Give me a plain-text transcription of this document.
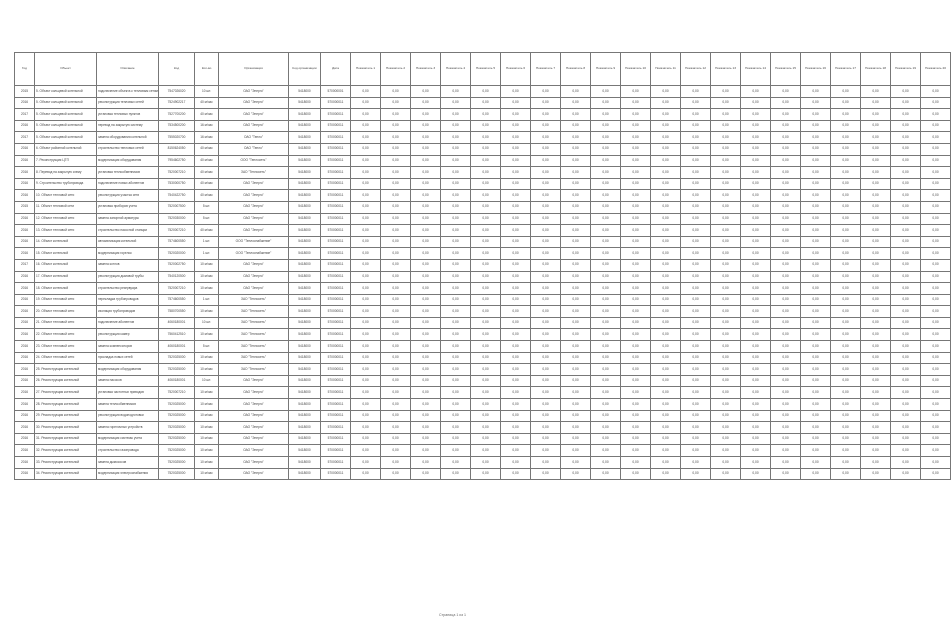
Год	Объект	Описание	Код	Кол-во	Организация	Код организации	Дата	Показатель 1	Показатель 2	Показатель 3	Показатель 4	Показатель 5	Показатель 6	Показатель 7	Показатель 8	Показатель 9	Показатель 10	Показатель 11	Показатель 12	Показатель 13	Показатель 14	Показатель 15	Показатель 16	Показатель 17	Показатель 18	Показатель 19	Показатель 20
2015	5. Объект кольцевой котельной	подключение объекта к тепловым сетям	7547026020	10 шт.	ОАО "Энерго"	5418000	570000001	0,00	0,00	0,00	0,00	0,00	0,00	0,00	0,00	0,00	0,00	0,00	0,00	0,00	0,00	0,00	0,00	0,00	0,00	0,00	0,00
2016	5. Объект кольцевой котельной	реконструкция тепловых сетей	7524902217	40 м/час	ОАО "Энерго"	5418000	570000011	0,00	0,00	0,00	0,00	0,00	0,00	0,00	0,00	0,00	0,00	0,00	0,00	0,00	0,00	0,00	0,00	0,00	0,00	0,00	0,00
2017	5. Объект кольцевой котельной	установка тепловых пунктов	7527700200	40 м/час	ОАО "Энерго"	5418000	570000011	0,00	0,00	0,00	0,00	0,00	0,00	0,00	0,00	0,00	0,00	0,00	0,00	0,00	0,00	0,00	0,00	0,00	0,00	0,00	0,00
2016	5. Объект кольцевой котельной	перевод на закрытую систему	7534500200	16 м/час	ОАО "Энерго"	5418000	570000011	0,00	0,00	0,00	0,00	0,00	0,00	0,00	0,00	0,00	0,00	0,00	0,00	0,00	0,00	0,00	0,00	0,00	0,00	0,00	0,00
2017	5. Объект кольцевой котельной	замена оборудования котельной	7555020700	16 м/час	ОАО "Тепло"	5418000	570000011	0,00	0,00	0,00	0,00	0,00	0,00	0,00	0,00	0,00	0,00	0,00	0,00	0,00	0,00	0,00	0,00	0,00	0,00	0,00	0,00
2016	6. Объект районной котельной	строительство тепловых сетей	8150624050	40 м/час	ОАО "Тепло"	5418000	570000011	0,00	0,00	0,00	0,00	0,00	0,00	0,00	0,00	0,00	0,00	0,00	0,00	0,00	0,00	0,00	0,00	0,00	0,00	0,00	0,00
2016	7. Реконструкция ЦТП	модернизация оборудования	7954602750	40 м/час	ООО "Теплосеть"	5418000	570000011	0,00	0,00	0,00	0,00	0,00	0,00	0,00	0,00	0,00	0,00	0,00	0,00	0,00	0,00	0,00	0,00	0,00	0,00	0,00	0,00
2016	8. Перевод на закрытую схему	установка теплообменников	7520007210	40 м/час	ЗАО "Теплосеть"	5418000	570000011	0,00	0,00	0,00	0,00	0,00	0,00	0,00	0,00	0,00	0,00	0,00	0,00	0,00	0,00	0,00	0,00	0,00	0,00	0,00	0,00
2016	9. Строительство трубопровода	подключение новых абонентов	7530000750	40 м/час	ОАО "Энерго"	5418000	570000011	0,00	0,00	0,00	0,00	0,00	0,00	0,00	0,00	0,00	0,00	0,00	0,00	0,00	0,00	0,00	0,00	0,00	0,00	0,00	0,00
2016	10. Объект тепловой сети	реконструкция участка сети	7540422750	40 м/час	ОАО "Энерго"	5418000	570000011	0,00	0,00	0,00	0,00	0,00	0,00	0,00	0,00	0,00	0,00	0,00	0,00	0,00	0,00	0,00	0,00	0,00	0,00	0,00	0,00
2015	11. Объект тепловой сети	установка приборов учета	7520007500	5 шт.	ОАО "Энерго"	5418000	570000011	0,00	0,00	0,00	0,00	0,00	0,00	0,00	0,00	0,00	0,00	0,00	0,00	0,00	0,00	0,00	0,00	0,00	0,00	0,00	0,00
2016	12. Объект тепловой сети	замена запорной арматуры	7520030000	5 шт.	ОАО "Энерго"	5418000	570000011	0,00	0,00	0,00	0,00	0,00	0,00	0,00	0,00	0,00	0,00	0,00	0,00	0,00	0,00	0,00	0,00	0,00	0,00	0,00	0,00
2016	13. Объект тепловой сети	строительство насосной станции	7520007210	40 м/час	ОАО "Энерго"	5418000	570000011	0,00	0,00	0,00	0,00	0,00	0,00	0,00	0,00	0,00	0,00	0,00	0,00	0,00	0,00	0,00	0,00	0,00	0,00	0,00	0,00
2016	14. Объект котельной	автоматизация котельной	7574600550	1 шт.	ООО "Теплоснабжение"	5418000	570000011	0,00	0,00	0,00	0,00	0,00	0,00	0,00	0,00	0,00	0,00	0,00	0,00	0,00	0,00	0,00	0,00	0,00	0,00	0,00	0,00
2016	15. Объект котельной	модернизация горелок	7520020000	1 шт.	ООО "Теплоснабжение"	5418000	570000011	0,00	0,00	0,00	0,00	0,00	0,00	0,00	0,00	0,00	0,00	0,00	0,00	0,00	0,00	0,00	0,00	0,00	0,00	0,00	0,00
2017	16. Объект котельной	замена котлов	7520002750	10 м/час	ОАО "Энерго"	5418000	570000011	0,00	0,00	0,00	0,00	0,00	0,00	0,00	0,00	0,00	0,00	0,00	0,00	0,00	0,00	0,00	0,00	0,00	0,00	0,00	0,00
2016	17. Объект котельной	реконструкция дымовой трубы	7540120500	10 м/час	ОАО "Энерго"	5418000	570000011	0,00	0,00	0,00	0,00	0,00	0,00	0,00	0,00	0,00	0,00	0,00	0,00	0,00	0,00	0,00	0,00	0,00	0,00	0,00	0,00
2016	18. Объект котельной	строительство резервуара	7520007210	10 м/час	ОАО "Энерго"	5418000	570000011	0,00	0,00	0,00	0,00	0,00	0,00	0,00	0,00	0,00	0,00	0,00	0,00	0,00	0,00	0,00	0,00	0,00	0,00	0,00	0,00
2016	19. Объект тепловой сети	перекладка трубопроводов	7574600550	1 шт.	ЗАО "Теплосеть"	5418000	570000011	0,00	0,00	0,00	0,00	0,00	0,00	0,00	0,00	0,00	0,00	0,00	0,00	0,00	0,00	0,00	0,00	0,00	0,00	0,00	0,00
2016	20. Объект тепловой сети	изоляция трубопроводов	7580700550	10 м/час	ЗАО "Теплосеть"	5418000	570000011	0,00	0,00	0,00	0,00	0,00	0,00	0,00	0,00	0,00	0,00	0,00	0,00	0,00	0,00	0,00	0,00	0,00	0,00	0,00	0,00
2016	21. Объект тепловой сети	подключение абонентов	4060180001	10 шт.	ЗАО "Теплосеть"	5418000	570000011	0,00	0,00	0,00	0,00	0,00	0,00	0,00	0,00	0,00	0,00	0,00	0,00	0,00	0,00	0,00	0,00	0,00	0,00	0,00	0,00
2016	22. Объект тепловой сети	реконструкция камер	7560412510	10 м/час	ЗАО "Теплосеть"	5418000	570000011	0,00	0,00	0,00	0,00	0,00	0,00	0,00	0,00	0,00	0,00	0,00	0,00	0,00	0,00	0,00	0,00	0,00	0,00	0,00	0,00
2016	23. Объект тепловой сети	замена компенсаторов	4060180001	5 шт.	ЗАО "Теплосеть"	5418000	570000011	0,00	0,00	0,00	0,00	0,00	0,00	0,00	0,00	0,00	0,00	0,00	0,00	0,00	0,00	0,00	0,00	0,00	0,00	0,00	0,00
2016	24. Объект тепловой сети	прокладка новых сетей	7520025000	10 м/час	ЗАО "Теплосеть"	5418000	570000011	0,00	0,00	0,00	0,00	0,00	0,00	0,00	0,00	0,00	0,00	0,00	0,00	0,00	0,00	0,00	0,00	0,00	0,00	0,00	0,00
2016	25. Реконструкция котельной	модернизация оборудования	7520025000	10 м/час	ЗАО "Теплосеть"	5418000	570000011	0,00	0,00	0,00	0,00	0,00	0,00	0,00	0,00	0,00	0,00	0,00	0,00	0,00	0,00	0,00	0,00	0,00	0,00	0,00	0,00
2016	26. Реконструкция котельной	замена насосов	4060180001	10 шт.	ОАО "Энерго"	5418000	570000011	0,00	0,00	0,00	0,00	0,00	0,00	0,00	0,00	0,00	0,00	0,00	0,00	0,00	0,00	0,00	0,00	0,00	0,00	0,00	0,00
2016	27. Реконструкция котельной	установка частотных приводов	7520007210	10 м/час	ОАО "Энерго"	5418000	570000011	0,00	0,00	0,00	0,00	0,00	0,00	0,00	0,00	0,00	0,00	0,00	0,00	0,00	0,00	0,00	0,00	0,00	0,00	0,00	0,00
2016	28. Реконструкция котельной	замена теплообменников	7520025000	10 м/час	ОАО "Энерго"	5418000	570000011	0,00	0,00	0,00	0,00	0,00	0,00	0,00	0,00	0,00	0,00	0,00	0,00	0,00	0,00	0,00	0,00	0,00	0,00	0,00	0,00
2016	29. Реконструкция котельной	реконструкция водоподготовки	7520025000	10 м/час	ОАО "Энерго"	5418000	570000011	0,00	0,00	0,00	0,00	0,00	0,00	0,00	0,00	0,00	0,00	0,00	0,00	0,00	0,00	0,00	0,00	0,00	0,00	0,00	0,00
2016	30. Реконструкция котельной	замена горелочных устройств	7520025000	10 м/час	ОАО "Энерго"	5418000	570000011	0,00	0,00	0,00	0,00	0,00	0,00	0,00	0,00	0,00	0,00	0,00	0,00	0,00	0,00	0,00	0,00	0,00	0,00	0,00	0,00
2016	31. Реконструкция котельной	модернизация системы учета	7520025000	10 м/час	ОАО "Энерго"	5418000	570000011	0,00	0,00	0,00	0,00	0,00	0,00	0,00	0,00	0,00	0,00	0,00	0,00	0,00	0,00	0,00	0,00	0,00	0,00	0,00	0,00
2016	32. Реконструкция котельной	строительство газопровода	7520025000	10 м/час	ОАО "Энерго"	5418000	570000011	0,00	0,00	0,00	0,00	0,00	0,00	0,00	0,00	0,00	0,00	0,00	0,00	0,00	0,00	0,00	0,00	0,00	0,00	0,00	0,00
2016	33. Реконструкция котельной	замена дымососов	7520025000	10 м/час	ОАО "Энерго"	5418000	570000011	0,00	0,00	0,00	0,00	0,00	0,00	0,00	0,00	0,00	0,00	0,00	0,00	0,00	0,00	0,00	0,00	0,00	0,00	0,00	0,00
2016	34. Реконструкция котельной	модернизация электроснабжения	7520025000	10 м/час	ОАО "Энерго"	5418000	570000011	0,00	0,00	0,00	0,00	0,00	0,00	0,00	0,00	0,00	0,00	0,00	0,00	0,00	0,00	0,00	0,00	0,00	0,00	0,00	0,00
Страница 1 из 1
